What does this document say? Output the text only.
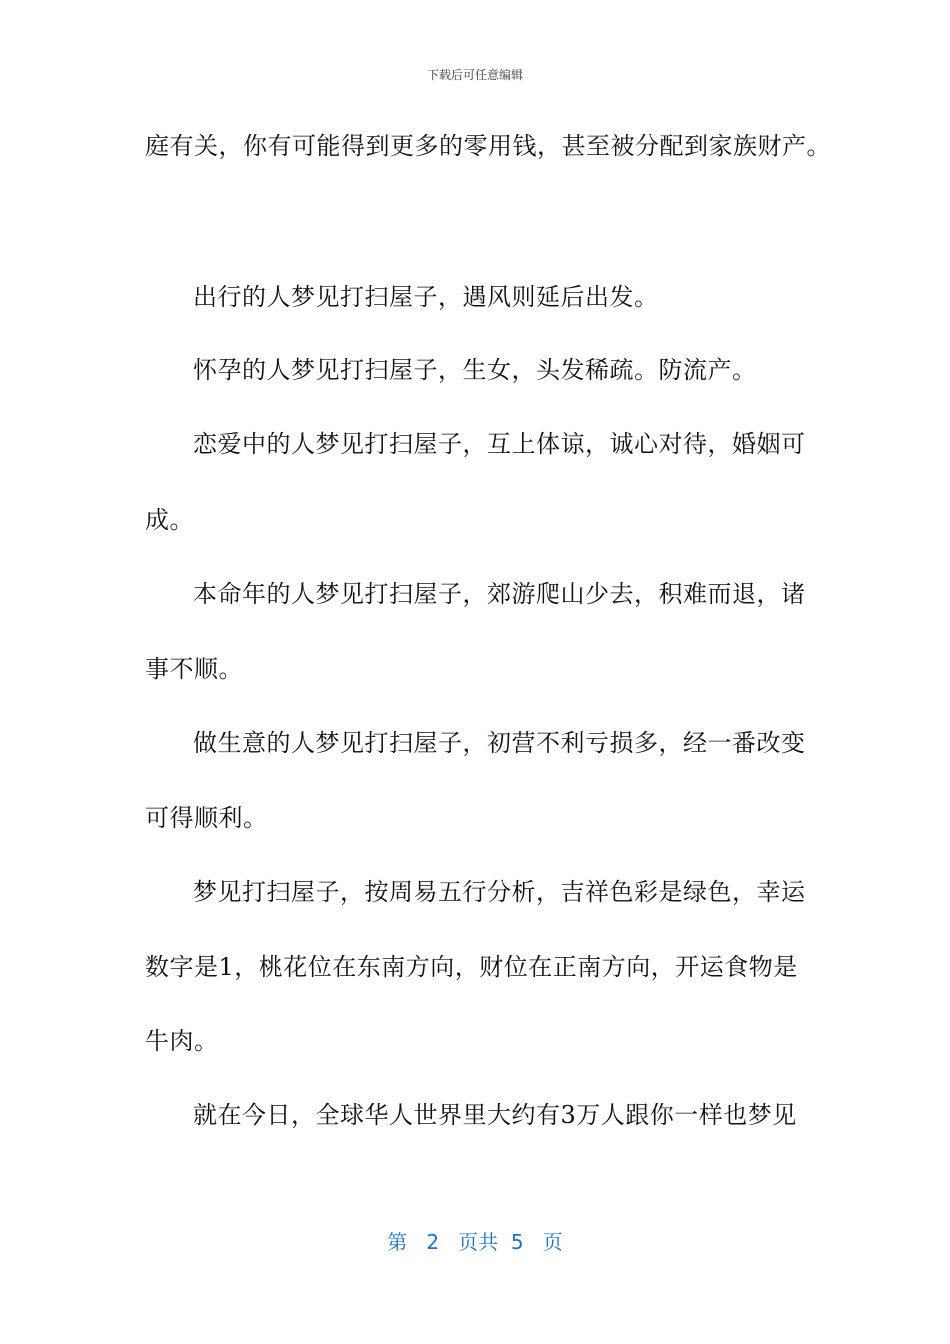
下载后可任意编辑
庭有关，你有可能得到更多的零用钱，甚至被分配到家族财产。
出行的人梦见打扫屋子，遇风则延后出发。
怀孕的人梦见打扫屋子，生女，头发稀疏。防流产。
恋爱中的人梦见打扫屋子，互上体谅，诚心对待，婚姻可
成。
本命年的人梦见打扫屋子，郊游爬山少去，积难而退，诸
事不顺。
做生意的人梦见打扫屋子，初营不利亏损多，经一番改变
可得顺利。
梦见打扫屋子，按周易五行分析，吉祥色彩是绿色，幸运
数字是1，桃花位在东南方向，财位在正南方向，开运食物是
牛肉。
就在今日，全球华人世界里大约有3万人跟你一样也梦见
第 2 页共 5 页
